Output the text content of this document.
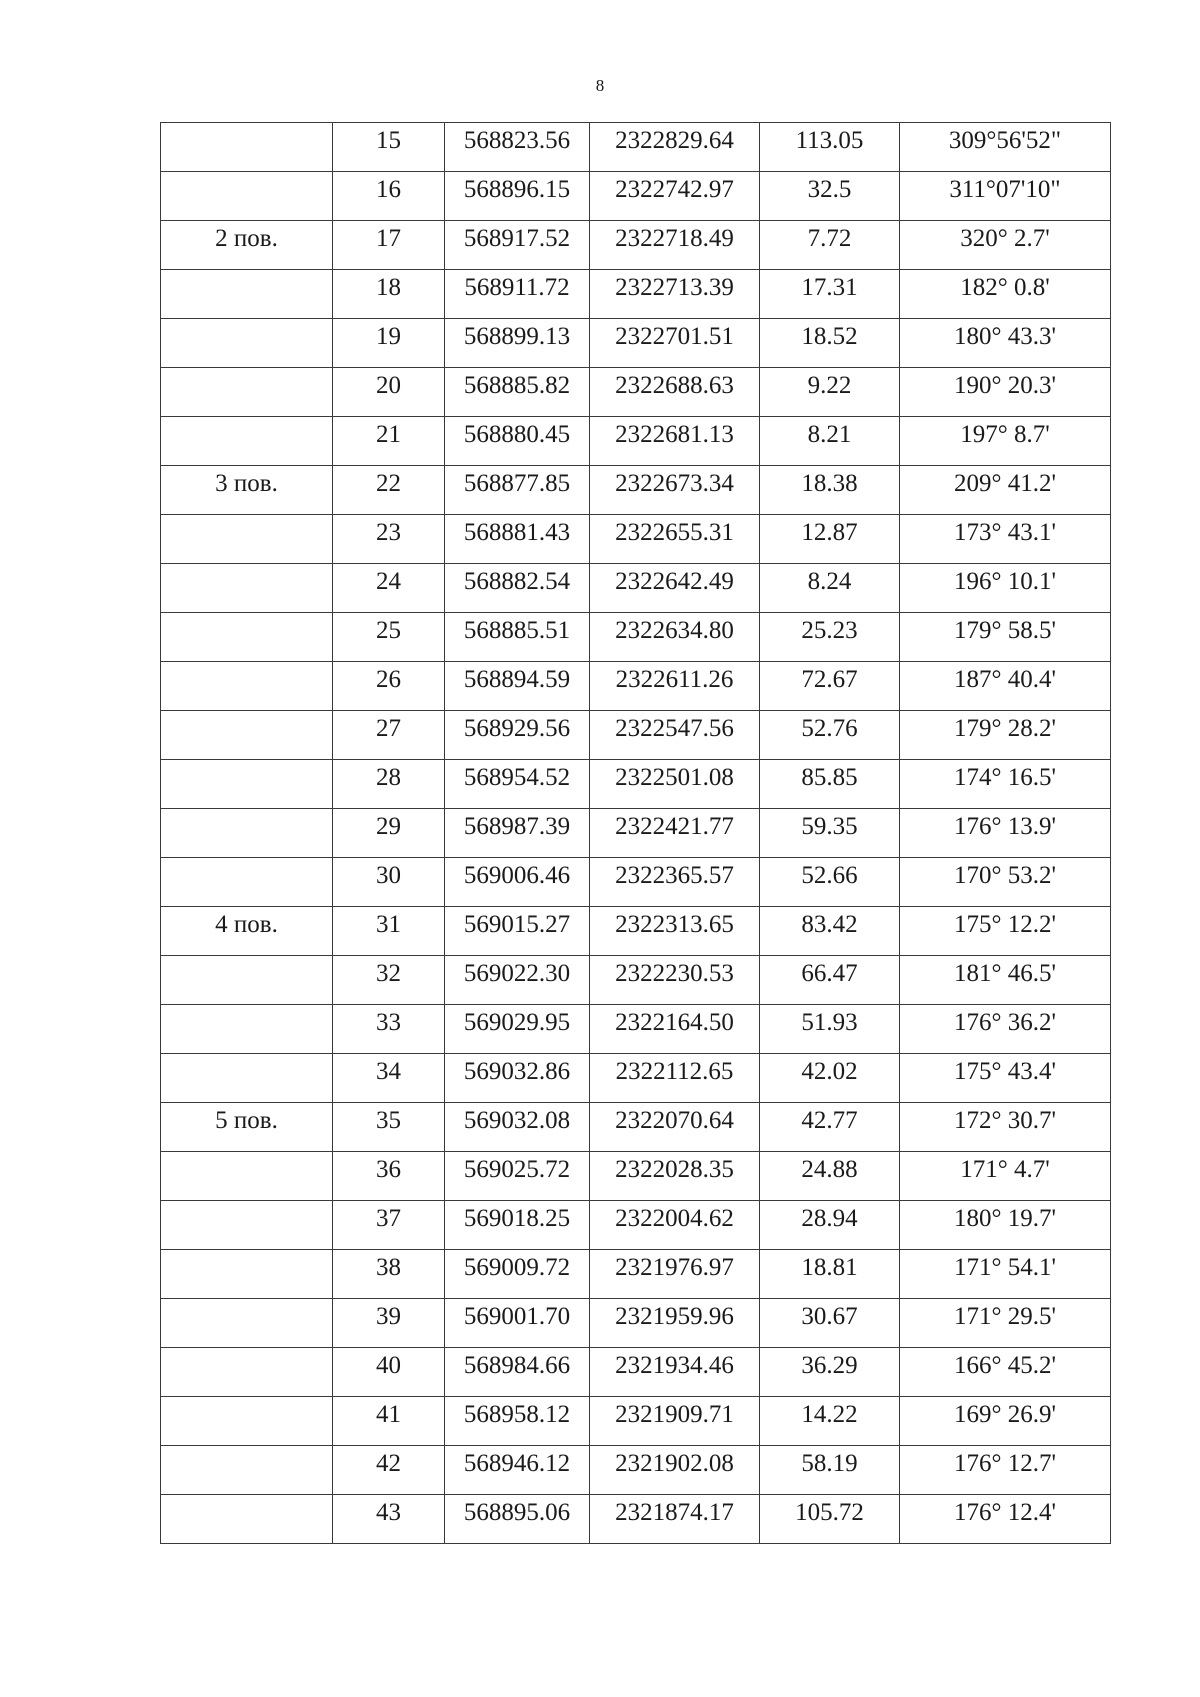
8
	15	568823.56	2322829.64	113.05	309°56'52"
	16	568896.15	2322742.97	32.5	311°07'10"
2 пов.	17	568917.52	2322718.49	7.72	320° 2.7'
	18	568911.72	2322713.39	17.31	182° 0.8'
	19	568899.13	2322701.51	18.52	180° 43.3'
	20	568885.82	2322688.63	9.22	190° 20.3'
	21	568880.45	2322681.13	8.21	197° 8.7'
3 пов.	22	568877.85	2322673.34	18.38	209° 41.2'
	23	568881.43	2322655.31	12.87	173° 43.1'
	24	568882.54	2322642.49	8.24	196° 10.1'
	25	568885.51	2322634.80	25.23	179° 58.5'
	26	568894.59	2322611.26	72.67	187° 40.4'
	27	568929.56	2322547.56	52.76	179° 28.2'
	28	568954.52	2322501.08	85.85	174° 16.5'
	29	568987.39	2322421.77	59.35	176° 13.9'
	30	569006.46	2322365.57	52.66	170° 53.2'
4 пов.	31	569015.27	2322313.65	83.42	175° 12.2'
	32	569022.30	2322230.53	66.47	181° 46.5'
	33	569029.95	2322164.50	51.93	176° 36.2'
	34	569032.86	2322112.65	42.02	175° 43.4'
5 пов.	35	569032.08	2322070.64	42.77	172° 30.7'
	36	569025.72	2322028.35	24.88	171° 4.7'
	37	569018.25	2322004.62	28.94	180° 19.7'
	38	569009.72	2321976.97	18.81	171° 54.1'
	39	569001.70	2321959.96	30.67	171° 29.5'
	40	568984.66	2321934.46	36.29	166° 45.2'
	41	568958.12	2321909.71	14.22	169° 26.9'
	42	568946.12	2321902.08	58.19	176° 12.7'
	43	568895.06	2321874.17	105.72	176° 12.4'
